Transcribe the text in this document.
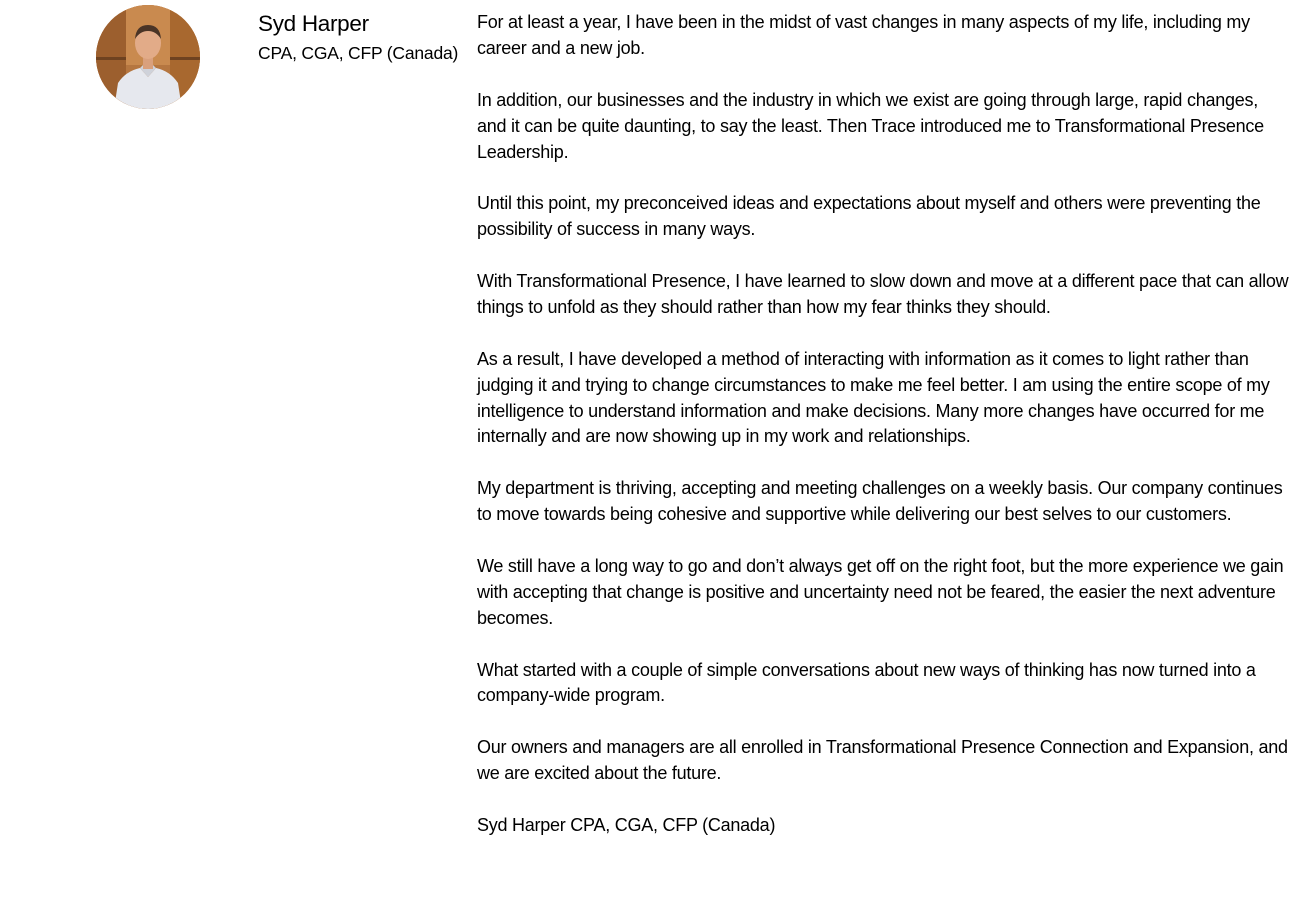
Syd Harper
CPA, CGA, CFP (Canada)

For at least a year, I have been in the midst of vast changes in many aspects of my life, including my career and a new job.

In addition, our businesses and the industry in which we exist are going through large, rapid changes, and it can be quite daunting, to say the least. Then Trace introduced me to Transformational Presence Leadership.

Until this point, my preconceived ideas and expectations about myself and others were preventing the possibility of success in many ways.

With Transformational Presence, I have learned to slow down and move at a different pace that can allow things to unfold as they should rather than how my fear thinks they should.

As a result, I have developed a method of interacting with information as it comes to light rather than judging it and trying to change circumstances to make me feel better. I am using the entire scope of my intelligence to understand information and make decisions. Many more changes have occurred for me internally and are now showing up in my work and relationships.

My department is thriving, accepting and meeting challenges on a weekly basis. Our company continues to move towards being cohesive and supportive while delivering our best selves to our customers.

We still have a long way to go and don’t always get off on the right foot, but the more experience we gain with accepting that change is positive and uncertainty need not be feared, the easier the next adventure becomes.

What started with a couple of simple conversations about new ways of thinking has now turned into a company-wide program.

Our owners and managers are all enrolled in Transformational Presence Connection and Expansion, and we are excited about the future.

Syd Harper CPA, CGA, CFP (Canada)
